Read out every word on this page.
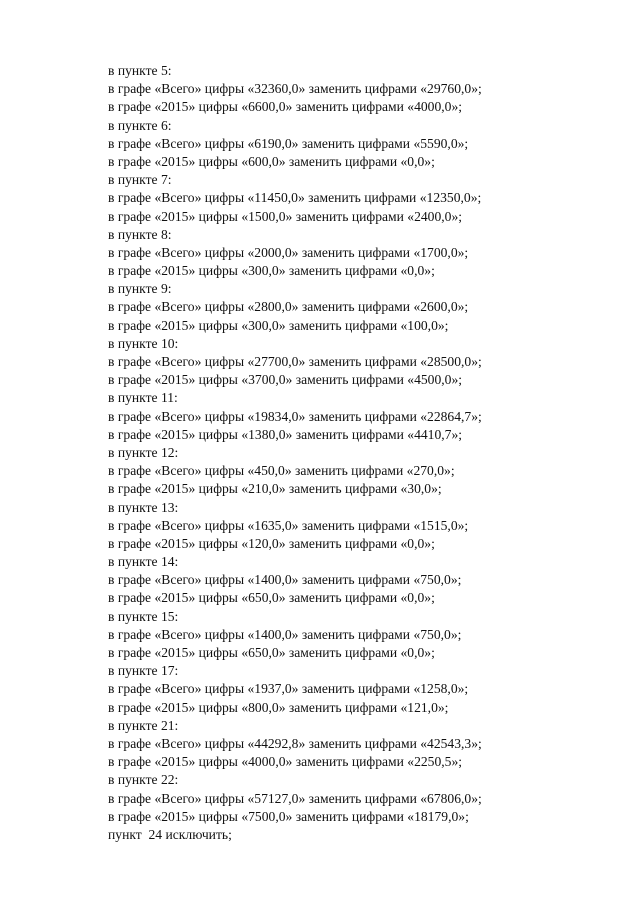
в пункте 5:
в графе «Всего» цифры «32360,0» заменить цифрами «29760,0»;
в графе «2015» цифры «6600,0» заменить цифрами «4000,0»;
в пункте 6:
в графе «Всего» цифры «6190,0» заменить цифрами «5590,0»;
в графе «2015» цифры «600,0» заменить цифрами «0,0»;
в пункте 7:
в графе «Всего» цифры «11450,0» заменить цифрами «12350,0»;
в графе «2015» цифры «1500,0» заменить цифрами «2400,0»;
в пункте 8:
в графе «Всего» цифры «2000,0» заменить цифрами «1700,0»;
в графе «2015» цифры «300,0» заменить цифрами «0,0»;
в пункте 9:
в графе «Всего» цифры «2800,0» заменить цифрами «2600,0»;
в графе «2015» цифры «300,0» заменить цифрами «100,0»;
в пункте 10:
в графе «Всего» цифры «27700,0» заменить цифрами «28500,0»;
в графе «2015» цифры «3700,0» заменить цифрами «4500,0»;
в пункте 11:
в графе «Всего» цифры «19834,0» заменить цифрами «22864,7»;
в графе «2015» цифры «1380,0» заменить цифрами «4410,7»;
в пункте 12:
в графе «Всего» цифры «450,0» заменить цифрами «270,0»;
в графе «2015» цифры «210,0» заменить цифрами «30,0»;
в пункте 13:
в графе «Всего» цифры «1635,0» заменить цифрами «1515,0»;
в графе «2015» цифры «120,0» заменить цифрами «0,0»;
в пункте 14:
в графе «Всего» цифры «1400,0» заменить цифрами «750,0»;
в графе «2015» цифры «650,0» заменить цифрами «0,0»;
в пункте 15:
в графе «Всего» цифры «1400,0» заменить цифрами «750,0»;
в графе «2015» цифры «650,0» заменить цифрами «0,0»;
в пункте 17:
в графе «Всего» цифры «1937,0» заменить цифрами «1258,0»;
в графе «2015» цифры «800,0» заменить цифрами «121,0»;
в пункте 21:
в графе «Всего» цифры «44292,8» заменить цифрами «42543,3»;
в графе «2015» цифры «4000,0» заменить цифрами «2250,5»;
в пункте 22:
в графе «Всего» цифры «57127,0» заменить цифрами «67806,0»;
в графе «2015» цифры «7500,0» заменить цифрами «18179,0»;
пункт  24 исключить;
